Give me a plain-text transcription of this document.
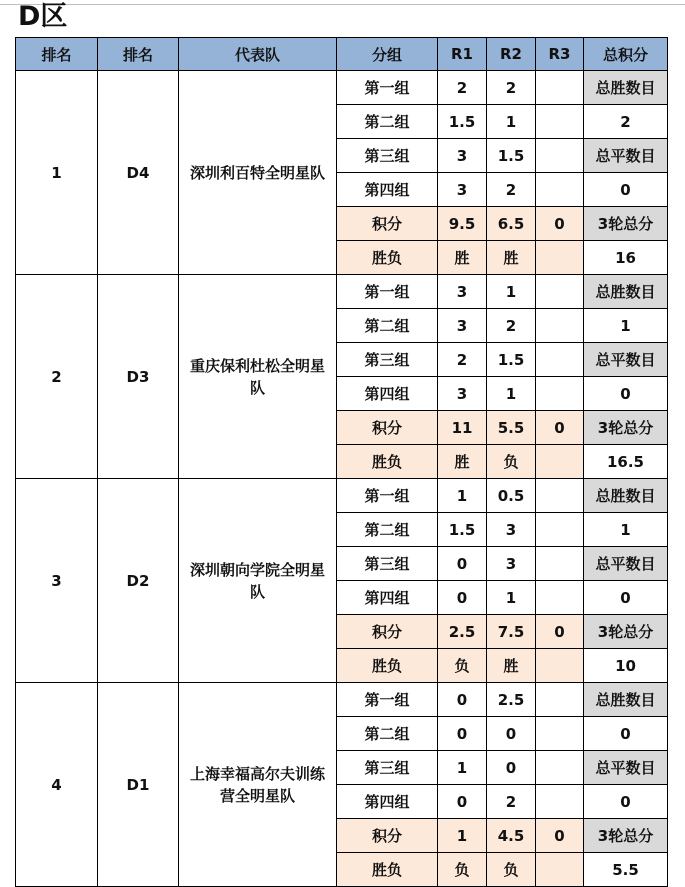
D区
排名	排名	代表队	分组	R1	R2	R3	总积分
1	D4	深圳利百特全明星队	第一组	2	2		总胜数目
			第二组	1.5	1		2
			第三组	3	1.5		总平数目
			第四组	3	2		0
			积分	9.5	6.5	0	3轮总分
			胜负	胜	胜		16
2	D3	重庆保利杜松全明星队	第一组	3	1		总胜数目
			第二组	3	2		1
			第三组	2	1.5		总平数目
			第四组	3	1		0
			积分	11	5.5	0	3轮总分
			胜负	胜	负		16.5
3	D2	深圳朝向学院全明星队	第一组	1	0.5		总胜数目
			第二组	1.5	3		1
			第三组	0	3		总平数目
			第四组	0	1		0
			积分	2.5	7.5	0	3轮总分
			胜负	负	胜		10
4	D1	上海幸福高尔夫训练营全明星队	第一组	0	2.5		总胜数目
			第二组	0	0		0
			第三组	1	0		总平数目
			第四组	0	2		0
			积分	1	4.5	0	3轮总分
			胜负	负	负		5.5
